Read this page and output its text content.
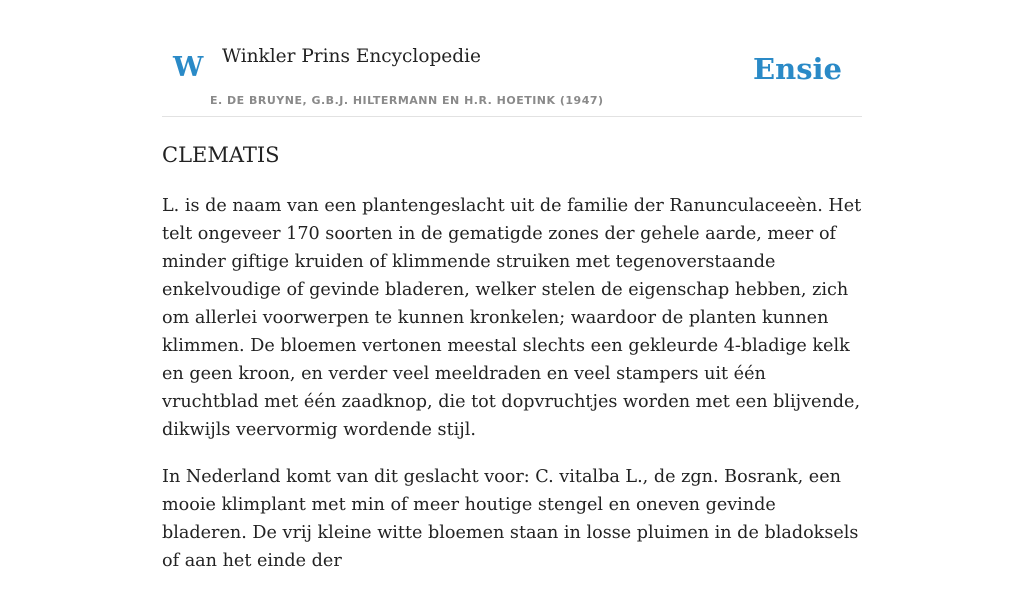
W Winkler Prins Encyclopedie
E. DE BRUYNE, G.B.J. HILTERMANN EN H.R. HOETINK (1947)
Ensie
CLEMATIS

L. is de naam van een plantengeslacht uit de familie der Ranunculaceeèn. Het telt ongeveer 170 soorten in de gematigde zones der gehele aarde, meer of minder giftige kruiden of klimmende struiken met tegenoverstaande enkelvoudige of gevinde bladeren, welker stelen de eigenschap hebben, zich om allerlei voorwerpen te kunnen kronkelen; waardoor de planten kunnen klimmen. De bloemen vertonen meestal slechts een gekleurde 4-bladige kelk en geen kroon, en verder veel meeldraden en veel stampers uit één vruchtblad met één zaadknop, die tot dopvruchtjes worden met een blijvende, dikwijls veervormig wordende stijl.

In Nederland komt van dit geslacht voor: C. vitalba L., de zgn. Bosrank, een mooie klimplant met min of meer houtige stengel en oneven gevinde bladeren. De vrij kleine witte bloemen staan in losse pluimen in de bladoksels of aan het einde der
